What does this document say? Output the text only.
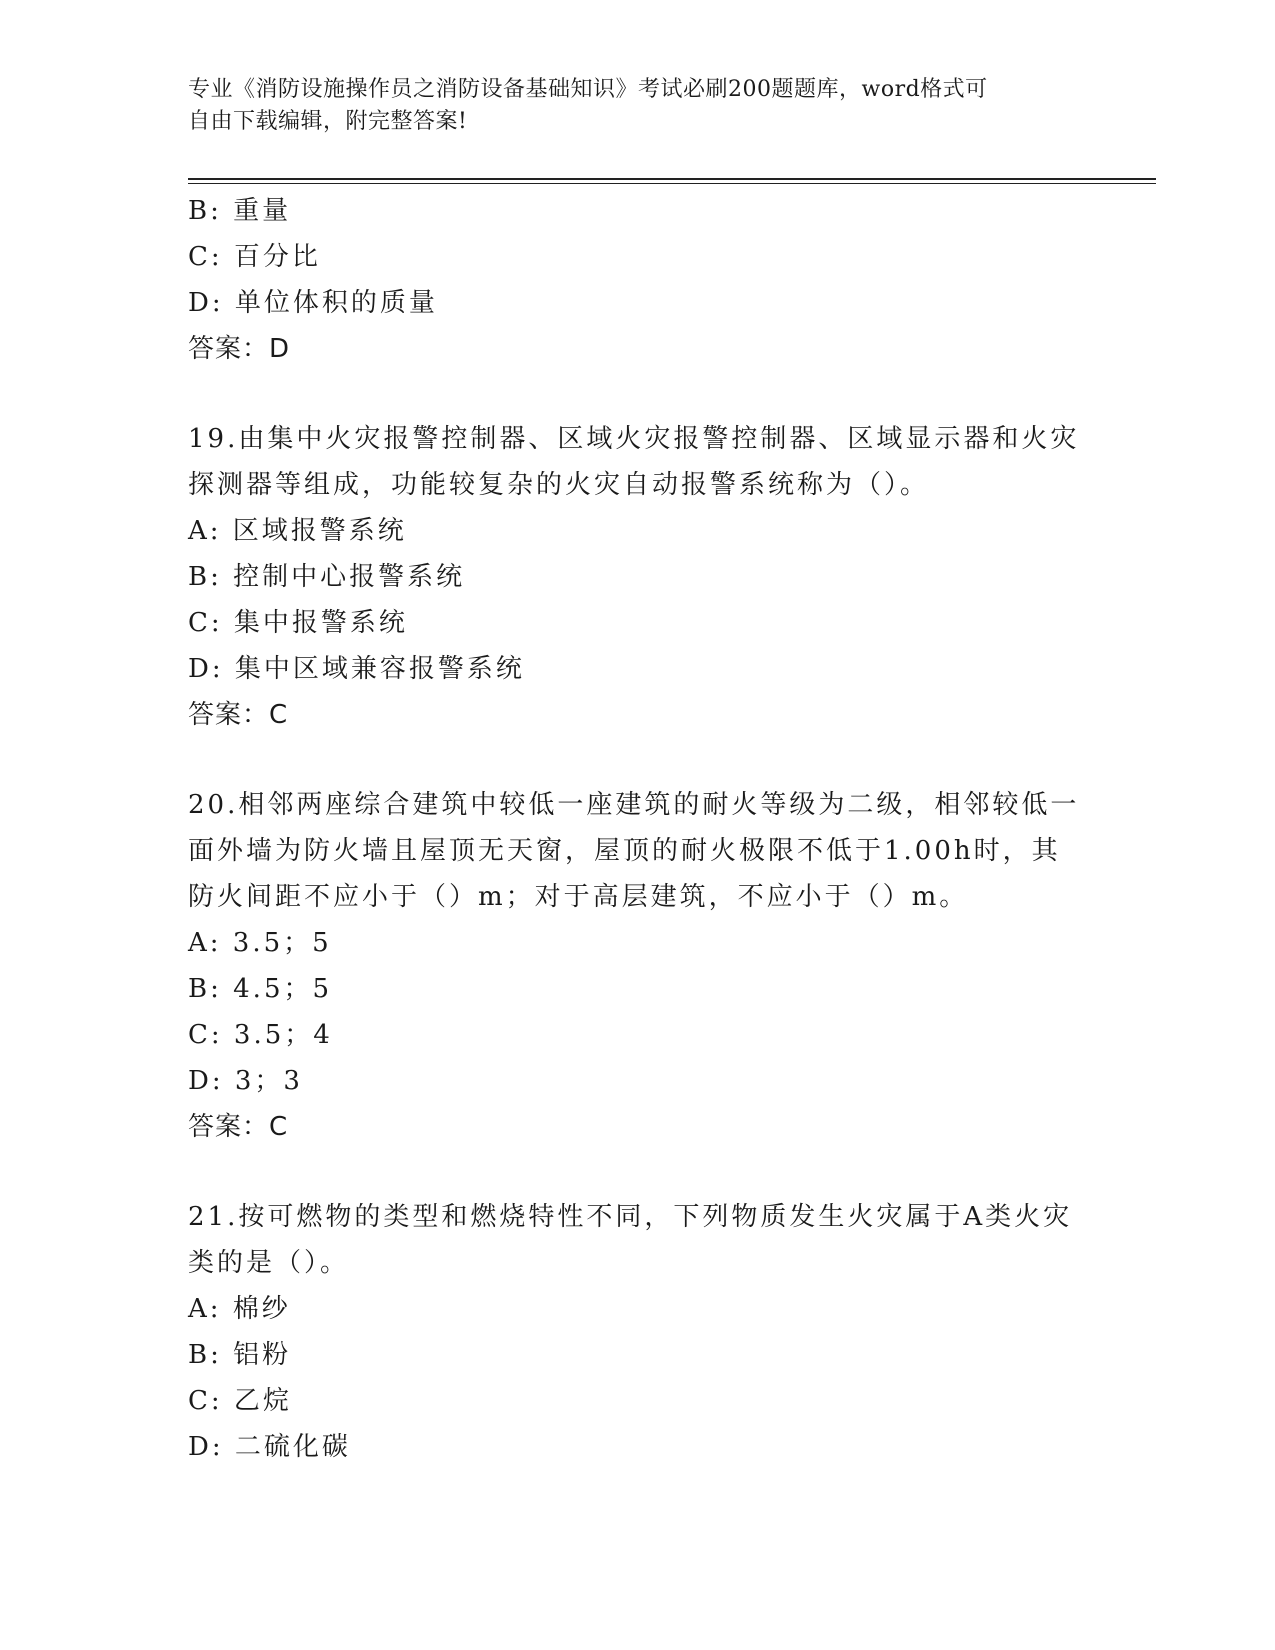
专业《消防设施操作员之消防设备基础知识》考试必刷200题题库，word格式可
自由下载编辑，附完整答案!
B: 重量
C: 百分比
D: 单位体积的质量
答案：D
19.由集中火灾报警控制器、区域火灾报警控制器、区域显示器和火灾
探测器等组成，功能较复杂的火灾自动报警系统称为（）。
A: 区域报警系统
B: 控制中心报警系统
C: 集中报警系统
D: 集中区域兼容报警系统
答案：C
20.相邻两座综合建筑中较低一座建筑的耐火等级为二级，相邻较低一
面外墙为防火墙且屋顶无天窗，屋顶的耐火极限不低于1.00h时，其
防火间距不应小于（）m；对于高层建筑，不应小于（）m。
A: 3.5；5
B: 4.5；5
C: 3.5；4
D: 3；3
答案：C
21.按可燃物的类型和燃烧特性不同，下列物质发生火灾属于A类火灾
类的是（）。
A: 棉纱
B: 铝粉
C: 乙烷
D: 二硫化碳
